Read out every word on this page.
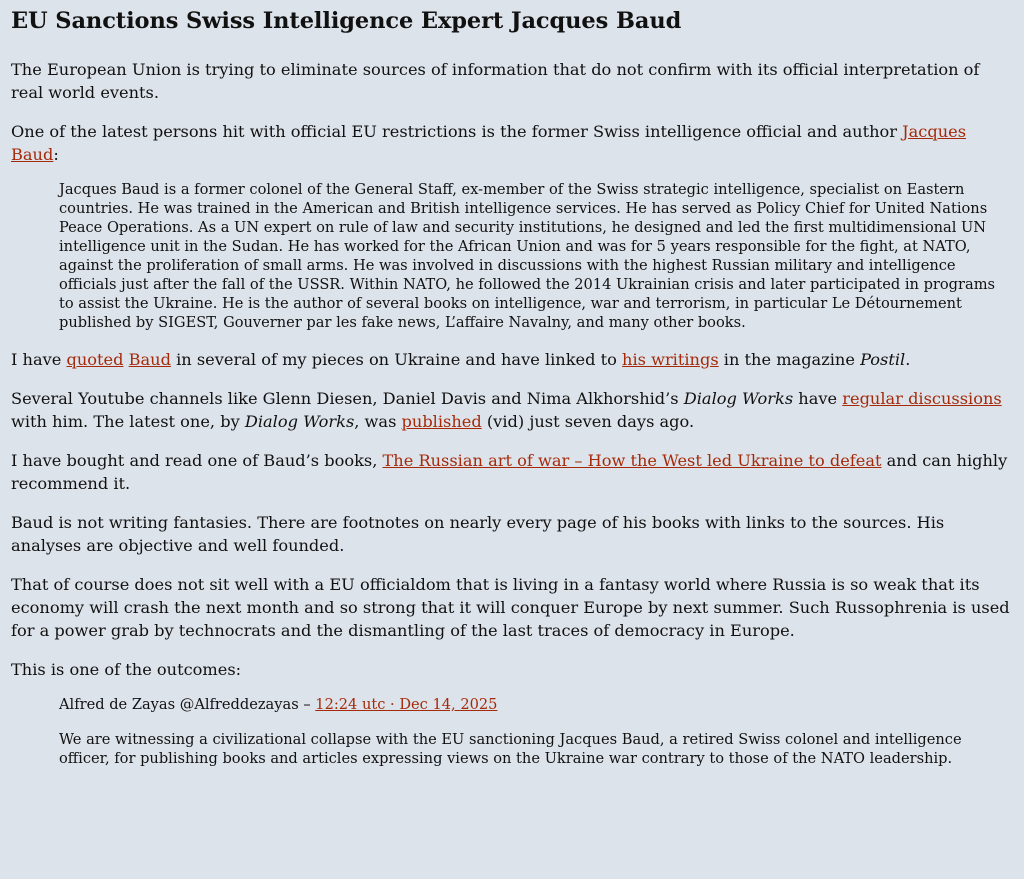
EU Sanctions Swiss Intelligence Expert Jacques Baud

The European Union is trying to eliminate sources of information that do not confirm with its official interpretation of real world events.

One of the latest persons hit with official EU restrictions is the former Swiss intelligence official and author Jacques Baud:

Jacques Baud is a former colonel of the General Staff, ex-member of the Swiss strategic intelligence, specialist on Eastern countries. He was trained in the American and British intelligence services. He has served as Policy Chief for United Nations Peace Operations. As a UN expert on rule of law and security institutions, he designed and led the first multidimensional UN intelligence unit in the Sudan. He has worked for the African Union and was for 5 years responsible for the fight, at NATO, against the proliferation of small arms. He was involved in discussions with the highest Russian military and intelligence officials just after the fall of the USSR. Within NATO, he followed the 2014 Ukrainian crisis and later participated in programs to assist the Ukraine. He is the author of several books on intelligence, war and terrorism, in particular Le Détournement published by SIGEST, Gouverner par les fake news, L’affaire Navalny, and many other books.

I have quoted Baud in several of my pieces on Ukraine and have linked to his writings in the magazine Postil.

Several Youtube channels like Glenn Diesen, Daniel Davis and Nima Alkhorshid’s Dialog Works have regular discussions with him. The latest one, by Dialog Works, was published (vid) just seven days ago.

I have bought and read one of Baud’s books, The Russian art of war – How the West led Ukraine to defeat and can highly recommend it.

Baud is not writing fantasies. There are footnotes on nearly every page of his books with links to the sources. His analyses are objective and well founded.

That of course does not sit well with a EU officialdom that is living in a fantasy world where Russia is so weak that its economy will crash the next month and so strong that it will conquer Europe by next summer. Such Russophrenia is used for a power grab by technocrats and the dismantling of the last traces of democracy in Europe.

This is one of the outcomes:

Alfred de Zayas @Alfreddezayas – 12:24 utc · Dec 14, 2025

We are witnessing a civilizational collapse with the EU sanctioning Jacques Baud, a retired Swiss colonel and intelligence officer, for publishing books and articles expressing views on the Ukraine war contrary to those of the NATO leadership.
